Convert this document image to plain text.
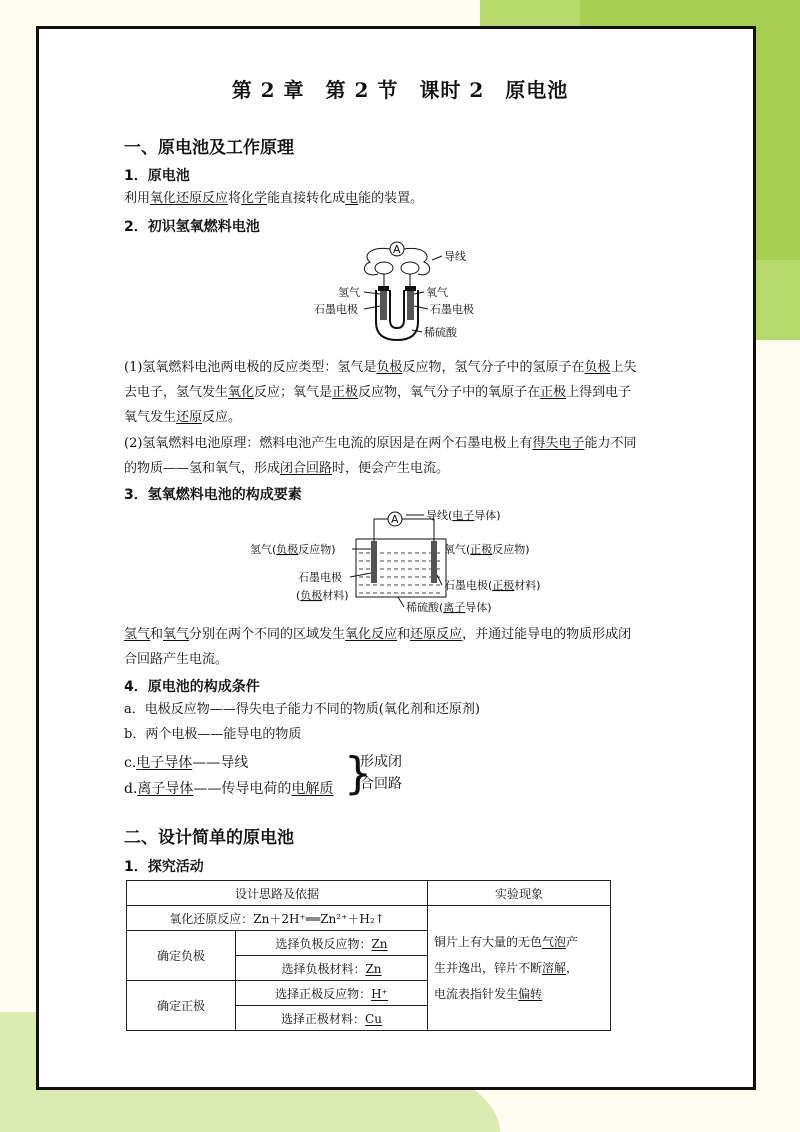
第 2 章　第 2 节　课时 2　原电池
一、原电池及工作原理
1．原电池
利用氧化还原反应将化学能直接转化成电能的装置。
2．初识氢氧燃料电池
A
导线
氢气	氧气
石墨电极	石墨电极
稀硫酸
(1)氢氧燃料电池两电极的反应类型：氢气是负极反应物，氢气分子中的氢原子在负极上失
去电子，氢气发生氧化反应；氧气是正极反应物，氧气分子中的氧原子在正极上得到电子
氧气发生还原反应。
(2)氢氧燃料电池原理：燃料电池产生电流的原因是在两个石墨电极上有得失电子能力不同
的物质——氢和氧气，形成闭合回路时，便会产生电流。
3．氢氧燃料电池的构成要素
A 导线(电子导体)
氢气(负极反应物)	氧气(正极反应物)
石墨电极
(负极材料)
石墨电极(正极材料)
稀硫酸(离子导体)
氢气和氧气分别在两个不同的区域发生氧化反应和还原反应，并通过能导电的物质形成闭
合回路产生电流。
4．原电池的构成条件
a．电极反应物——得失电子能力不同的物质(氧化剂和还原剂)
b．两个电极——能导电的物质
c.电子导体——导线
d.离子导体——传导电荷的电解质 }
形成闭
合回路
二、设计简单的原电池
1．探究活动
设计思路及依据		实验现象
氧化还原反应：Zn＋2H⁺══Zn²⁺＋H₂↑		铜片上有大量的无色气泡产
生并逸出，锌片不断溶解，
电流表指针发生偏转

确定负极	选择负极反应物：Zn	
	选择负极材料：Zn	
确定正极	选择正极反应物：H⁺	
	选择正极材料：Cu	
